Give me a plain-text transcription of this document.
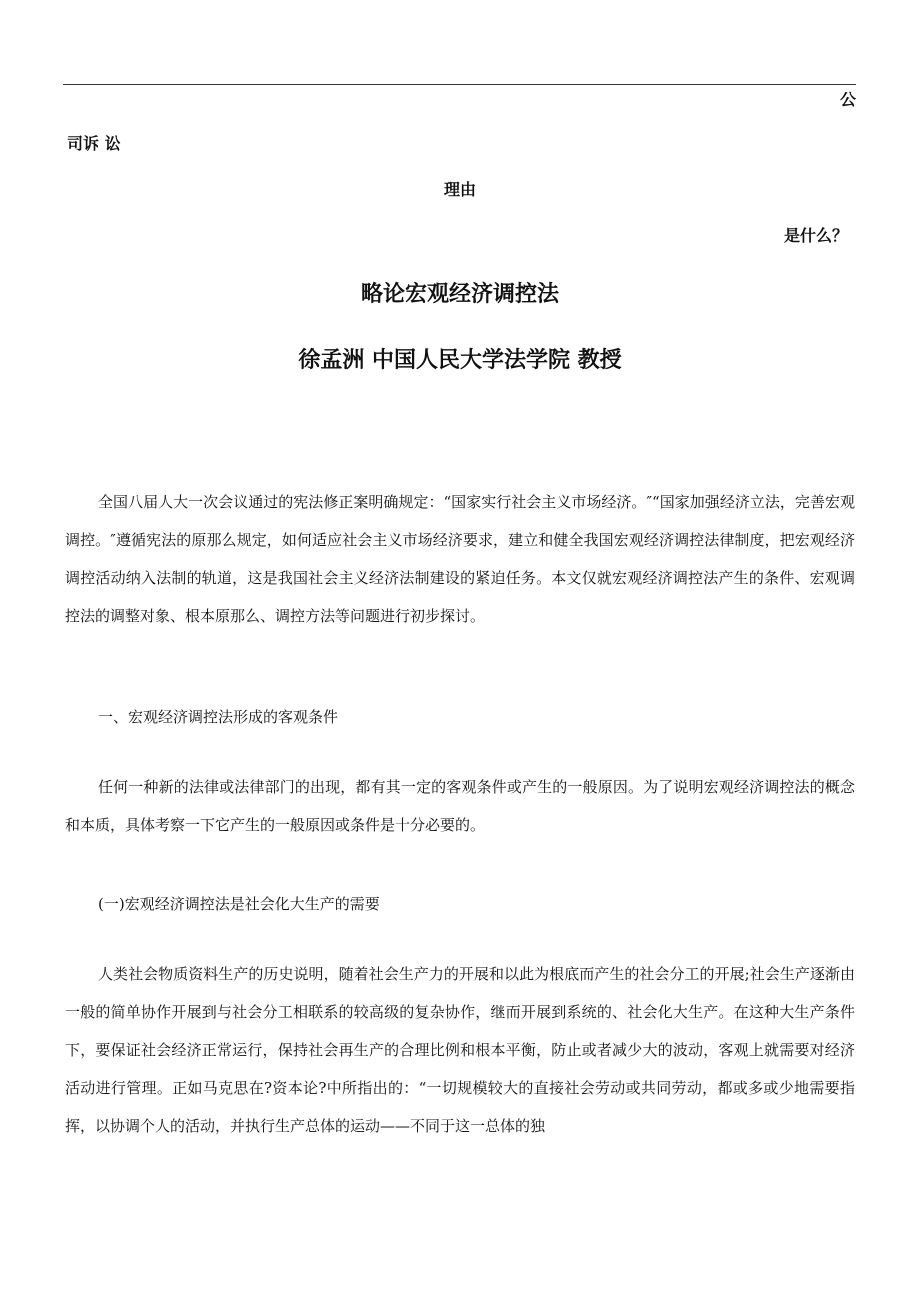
公
司诉 讼
理由
是什么？
略论宏观经济调控法
徐孟洲 中国人民大学法学院 教授

全国八届人大一次会议通过的宪法修正案明确规定：“国家实行社会主义市场经济。″“国家加强经济立法，完善宏观调控。″遵循宪法的原那么规定，如何适应社会主义市场经济要求，建立和健全我国宏观经济调控法律制度，把宏观经济调控活动纳入法制的轨道，这是我国社会主义经济法制建设的紧迫任务。本文仅就宏观经济调控法产生的条件、宏观调控法的调整对象、根本原那么、调控方法等问题进行初步探讨。

一、宏观经济调控法形成的客观条件

任何一种新的法律或法律部门的出现，都有其一定的客观条件或产生的一般原因。为了说明宏观经济调控法的概念和本质，具体考察一下它产生的一般原因或条件是十分必要的。

(一)宏观经济调控法是社会化大生产的需要

人类社会物质资料生产的历史说明，随着社会生产力的开展和以此为根底而产生的社会分工的开展;社会生产逐渐由一般的简单协作开展到与社会分工相联系的较高级的复杂协作，继而开展到系统的、社会化大生产。在这种大生产条件下，要保证社会经济正常运行，保持社会再生产的合理比例和根本平衡，防止或者减少大的波动，客观上就需要对经济活动进行管理。正如马克思在?资本论?中所指出的：“一切规模较大的直接社会劳动或共同劳动，都或多或少地需要指挥，以协调个人的活动，并执行生产总体的运动——不同于这一总体的独
